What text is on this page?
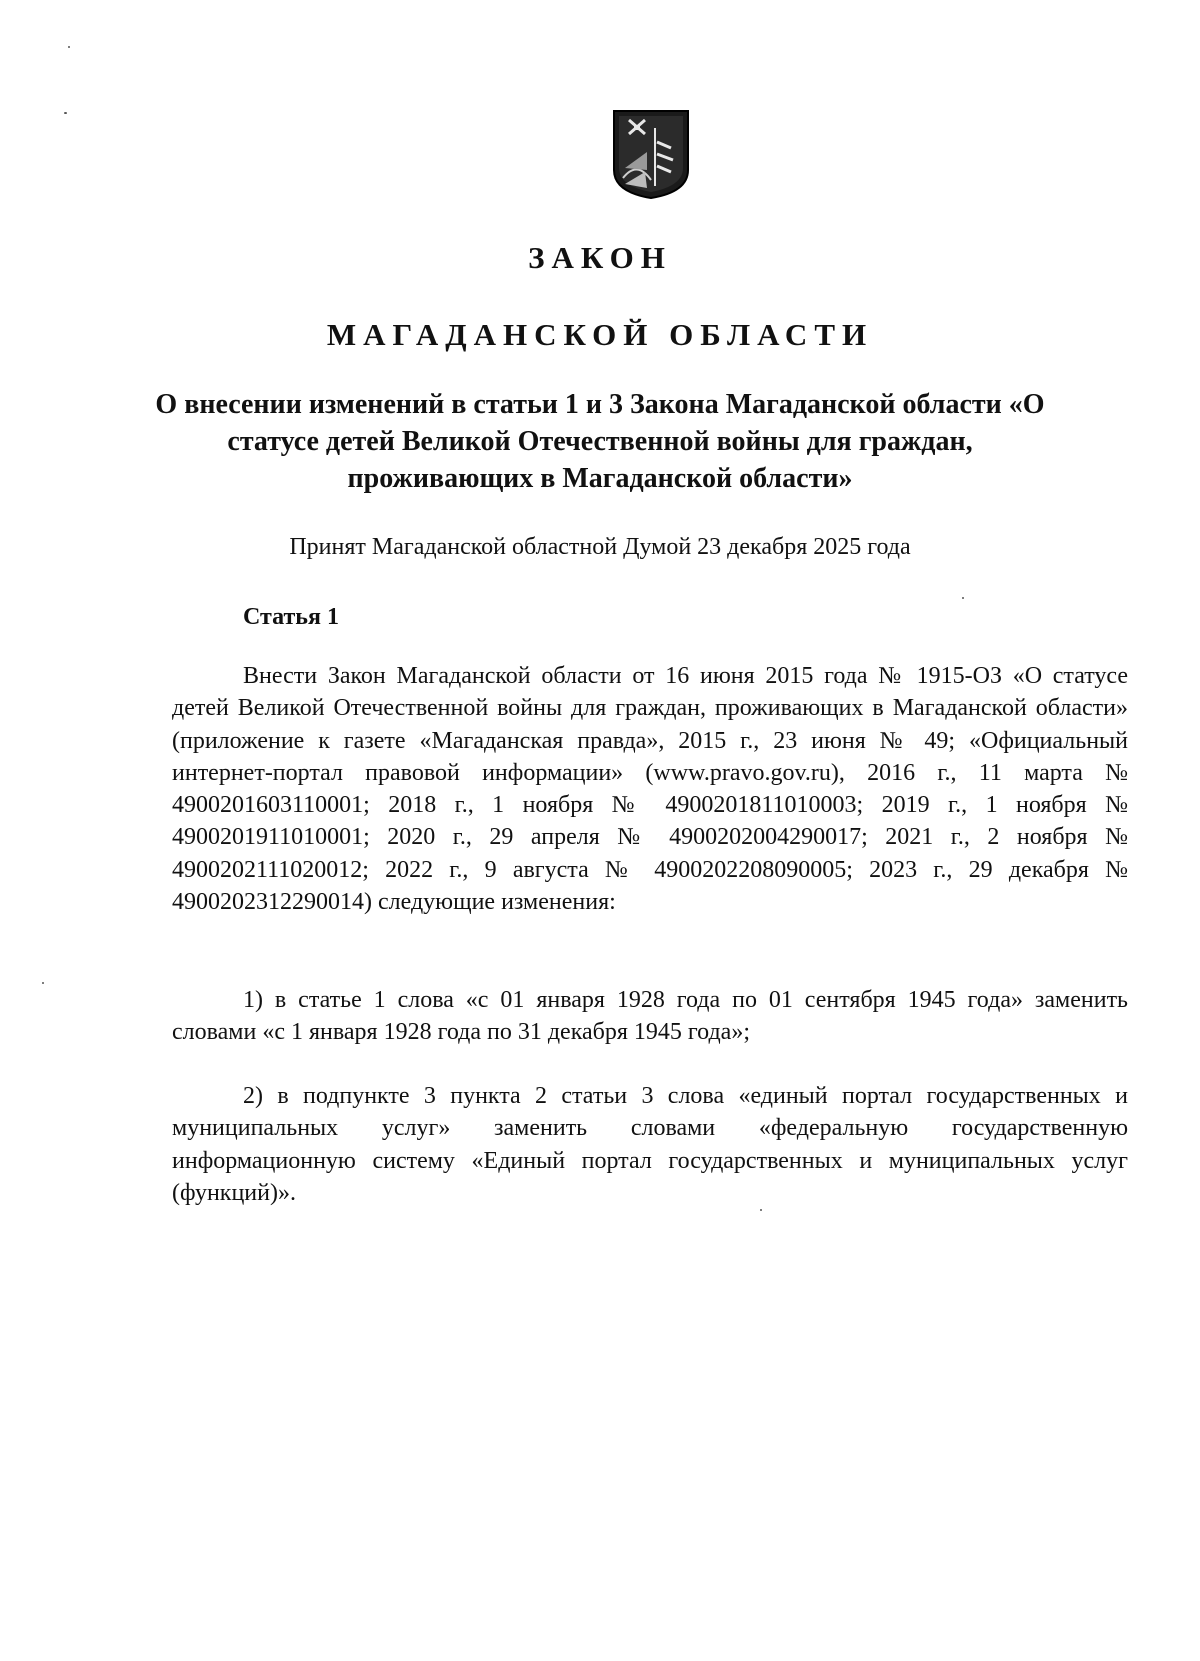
ЗАКОН
МАГАДАНСКОЙ ОБЛАСТИ
О внесении изменений в статьи 1 и 3 Закона Магаданской области «О статусе детей Великой Отечественной войны для граждан, проживающих в Магаданской области»

Принят Магаданской областной Думой 23 декабря 2025 года

Статья 1

Внести Закон Магаданской области от 16 июня 2015 года № 1915-ОЗ «О статусе детей Великой Отечественной войны для граждан, проживающих в Магаданской области» (приложение к газете «Магаданская правда», 2015 г., 23 июня № 49; «Официальный интернет-портал правовой информации» (www.pravo.gov.ru), 2016 г., 11 марта № 4900201603110001; 2018 г., 1 ноября № 4900201811010003; 2019 г., 1 ноября № 4900201911010001; 2020 г., 29 апреля № 4900202004290017; 2021 г., 2 ноября № 4900202111020012; 2022 г., 9 августа № 4900202208090005; 2023 г., 29 декабря № 4900202312290014) следующие изменения:

1) в статье 1 слова «с 01 января 1928 года по 01 сентября 1945 года» заменить словами «с 1 января 1928 года по 31 декабря 1945 года»;

2) в подпункте 3 пункта 2 статьи 3 слова «единый портал государственных и муниципальных услуг» заменить словами «федеральную государственную информационную систему «Единый портал государственных и муниципальных услуг (функций)».
